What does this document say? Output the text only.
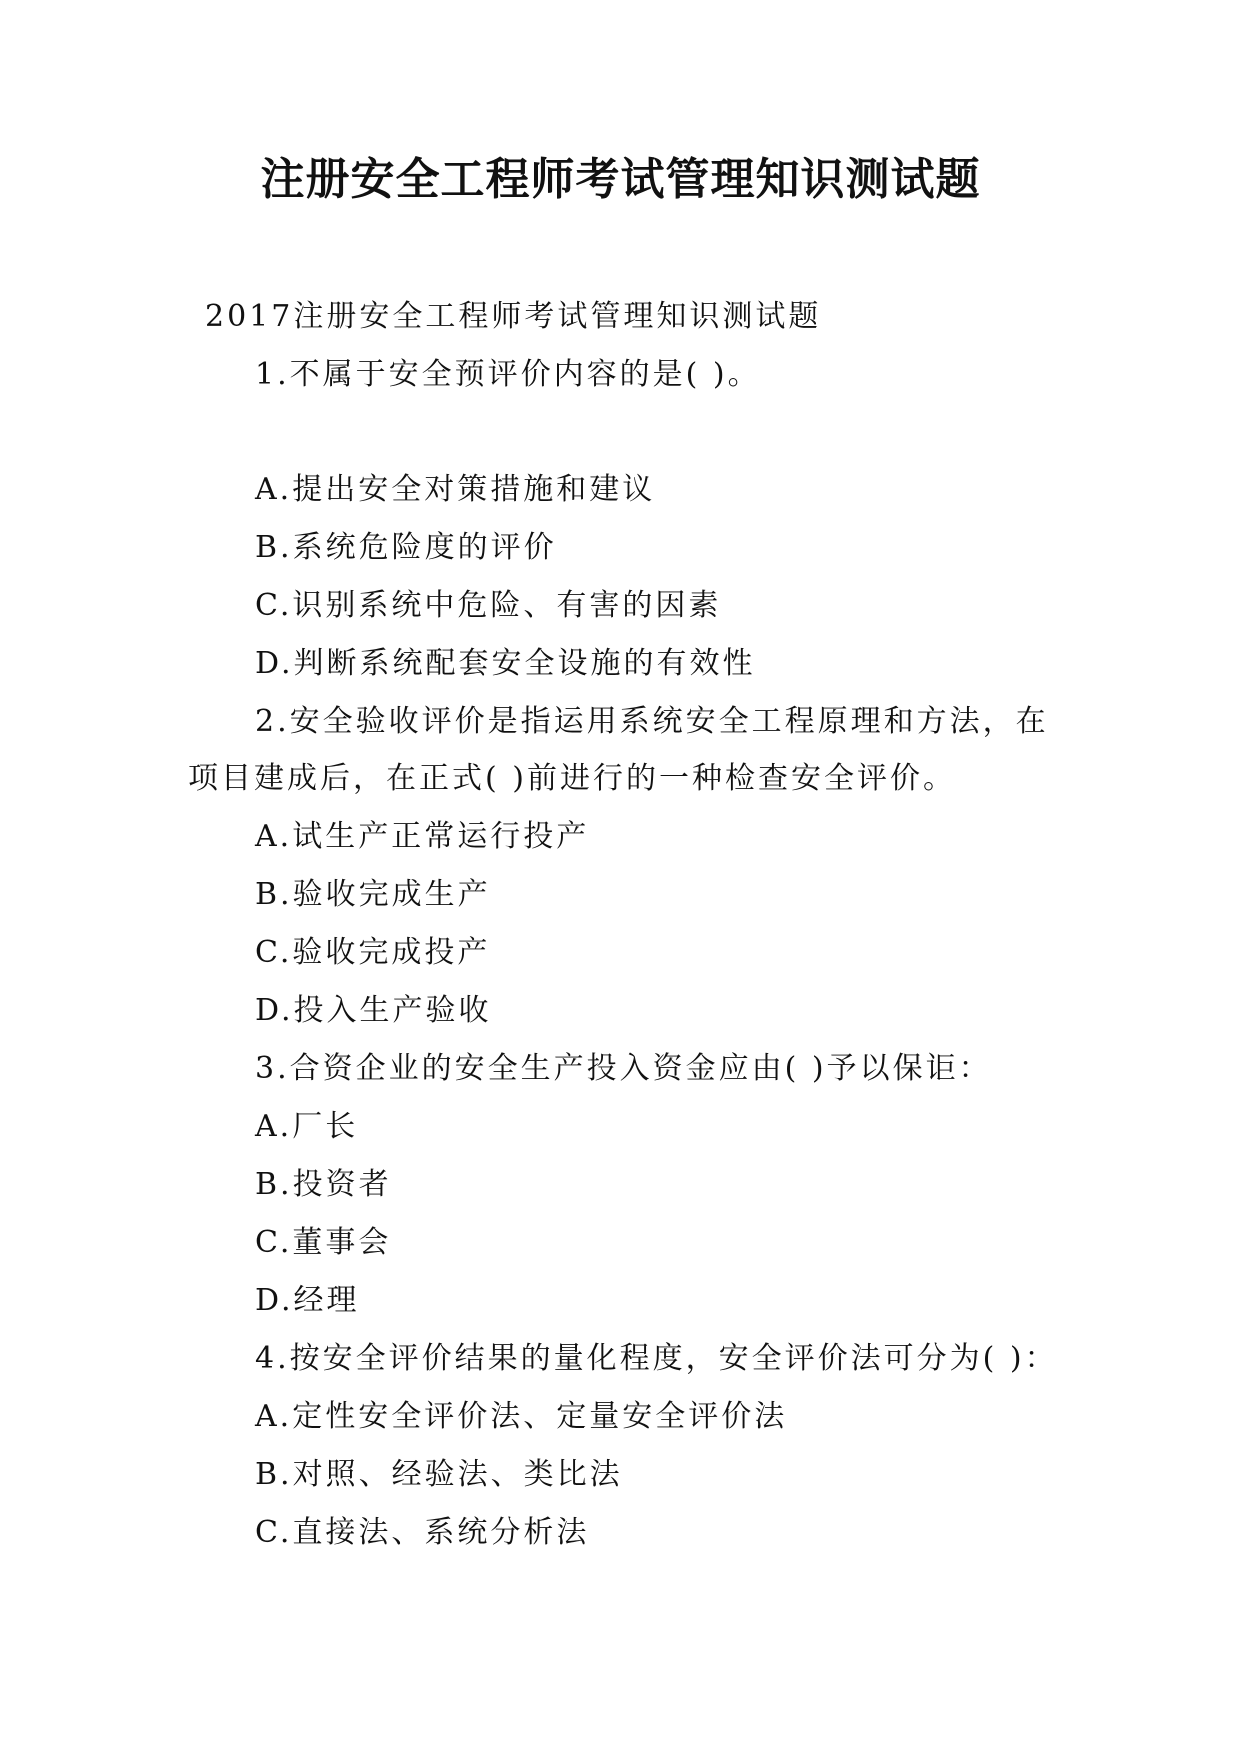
注册安全工程师考试管理知识测试题
2017注册安全工程师考试管理知识测试题
1.不属于安全预评价内容的是( )。
A.提出安全对策措施和建议
B.系统危险度的评价
C.识别系统中危险、有害的因素
D.判断系统配套安全设施的有效性
2.安全验收评价是指运用系统安全工程原理和方法，在
项目建成后，在正式( )前进行的一种检查安全评价。
A.试生产正常运行投产
B.验收完成生产
C.验收完成投产
D.投入生产验收
3.合资企业的安全生产投入资金应由( )予以保讵：
A.厂长
B.投资者
C.董事会
D.经理
4.按安全评价结果的量化程度，安全评价法可分为( )：
A.定性安全评价法、定量安全评价法
B.对照、经验法、类比法
C.直接法、系统分析法
